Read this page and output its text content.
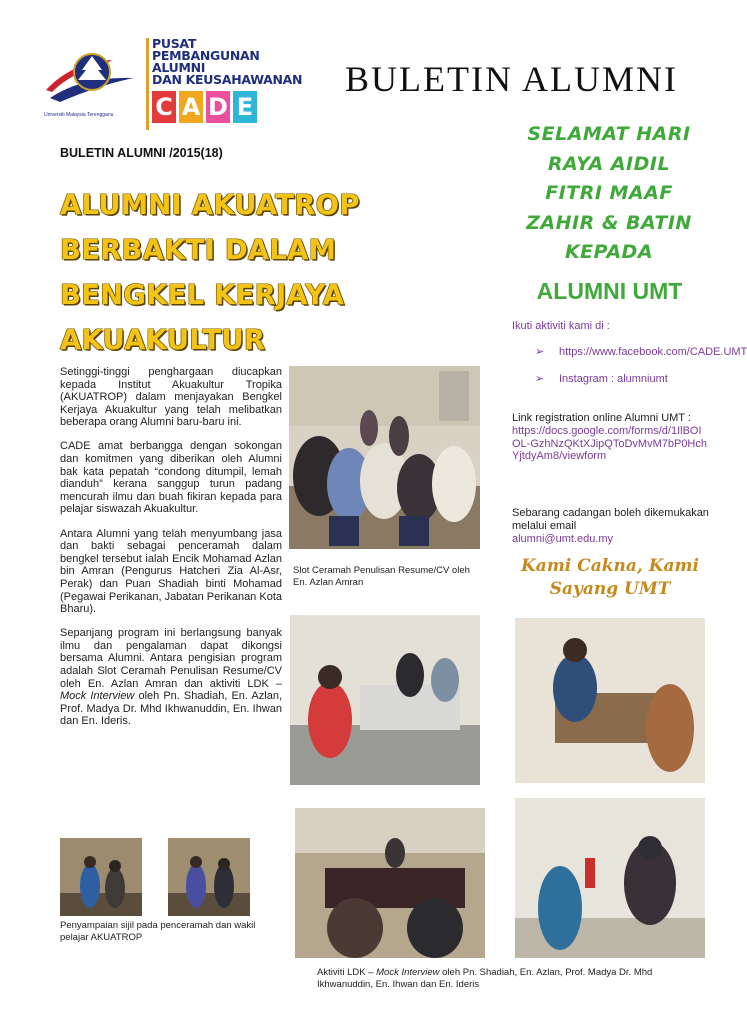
PUSAT
PEMBANGUNAN
ALUMNI
DAN KEUSAHAWANAN
C A D E
Universiti Malaysia Terengganu
BULETIN ALUMNI
BULETIN ALUMNI /2015(18)
ALUMNI AKUATROP
BERBAKTI DALAM
BENGKEL KERJAYA
AKUAKULTUR

Setinggi-tinggi penghargaan diucapkan kepada Institut Akuakultur Tropika (AKUATROP) dalam menjayakan Bengkel Kerjaya Akuakultur yang telah melibatkan beberapa orang Alumni baru-baru ini.

CADE amat berbangga dengan sokongan dan komitmen yang diberikan oleh Alumni bak kata pepatah “condong ditumpil, lemah dianduh” kerana sanggup turun padang mencurah ilmu dan buah fikiran kepada para pelajar siswazah Akuakultur.

Antara Alumni yang telah menyumbang jasa dan bakti sebagai penceramah dalam bengkel tersebut ialah Encik Mohamad Azlan bin Amran (Pengurus Hatcheri Zia Al-Asr, Perak) dan Puan Shadiah binti Mohamad (Pegawai Perikanan, Jabatan Perikanan Kota Bharu).

Sepanjang program ini berlangsung banyak ilmu dan pengalaman dapat dikongsi bersama Alumni. Antara pengisian program adalah Slot Ceramah Penulisan Resume/CV oleh En. Azlan Amran dan aktiviti LDK – Mock Interview oleh Pn. Shadiah, En. Azlan, Prof. Madya Dr. Mhd Ikhwanuddin, En. Ihwan dan En. Ideris.

Slot Ceramah Penulisan Resume/CV oleh En. Azlan Amran
Penyampaian sijil pada penceramah dan wakil pelajar AKUATROP
Aktiviti LDK – Mock Interview oleh Pn. Shadiah, En. Azlan, Prof. Madya Dr. Mhd Ikhwanuddin, En. Ihwan dan En. Ideris
SELAMAT HARI
RAYA AIDIL
FITRI MAAF
ZAHIR & BATIN
KEPADA
ALUMNI UMT
Ikuti aktiviti kami di :
➢ https://www.facebook.com/CADE.UMT
➢ Instagram : alumniumt
Link registration online Alumni UMT :
https://docs.google.com/forms/d/1IlBOIOL-GzhNzQKtXJipQToDvMvM7bP0HchYjtdyAm8/viewform
Sebarang cadangan boleh dikemukakan melalui email
alumni@umt.edu.my
Kami Cakna, Kami
Sayang UMT
